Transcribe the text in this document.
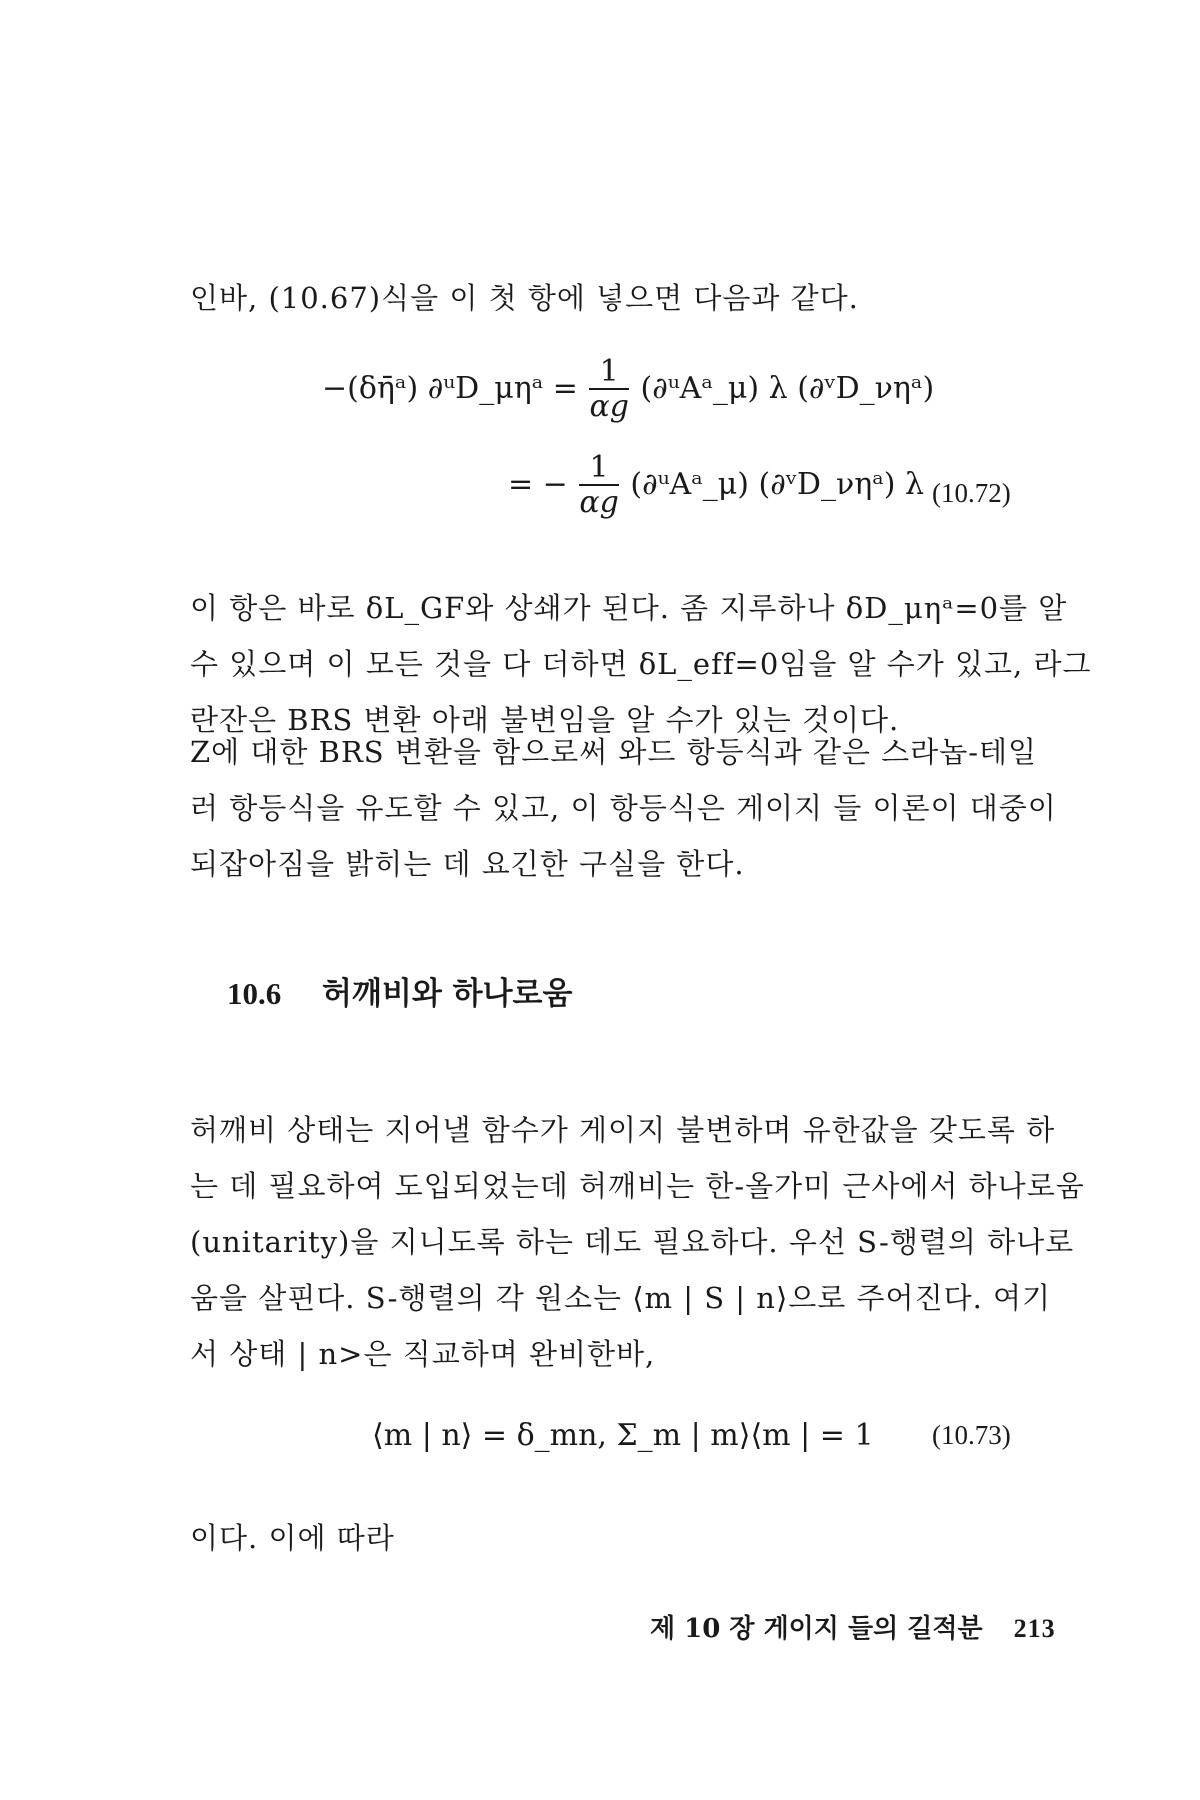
인바, (10.67)식을 이 첫 항에 넣으면 다음과 같다.
−(δη̄ᵃ) ∂ᵘD_μηᵃ = $\frac{1}{\alpha g}$ (∂ᵘAᵃ_μ) λ (∂ᵛD_νηᵃ)
= − $\frac{1}{\alpha g}$ (∂ᵘAᵃ_μ) (∂ᵛD_νηᵃ) λ (10.72)
이 항은 바로 δL_GF와 상쇄가 된다. 좀 지루하나 δD_μηᵃ=0를 알
수 있으며 이 모든 것을 다 더하면 δL_eff=0임을 알 수가 있고, 라그
란잔은 BRS 변환 아래 불변임을 알 수가 있는 것이다.
Z에 대한 BRS 변환을 함으로써 와드 항등식과 같은 스라놉-테일
러 항등식을 유도할 수 있고, 이 항등식은 게이지 들 이론이 대중이
되잡아짐을 밝히는 데 요긴한 구실을 한다.
10.6 허깨비와 하나로움
허깨비 상태는 지어낼 함수가 게이지 불변하며 유한값을 갖도록 하
는 데 필요하여 도입되었는데 허깨비는 한-올가미 근사에서 하나로움
(unitarity)을 지니도록 하는 데도 필요하다. 우선 S-행렬의 하나로
움을 살핀다. S-행렬의 각 원소는 ⟨m | S | n⟩으로 주어진다. 여기
서 상태 | n>은 직교하며 완비한바,
⟨m | n⟩ = δ_mn, Σ_m | m⟩⟨m | = 1 (10.73)
이다. 이에 따라
제 10 장 게이지 들의 길적분 213
